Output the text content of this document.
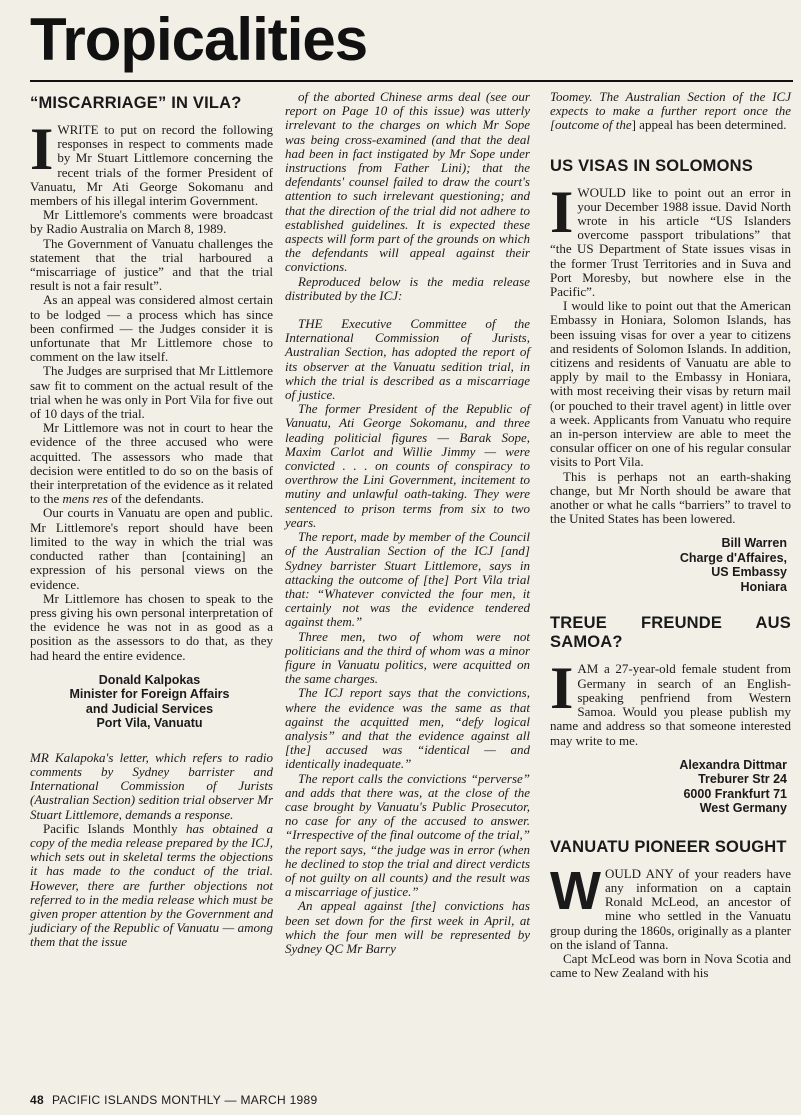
Tropicalities
“MISCARRIAGE” IN VILA?

IWRITE to put on record the following responses in respect to comments made by Mr Stuart Littlemore concerning the recent trials of the former President of Vanuatu, Mr Ati George Sokomanu and members of his illegal interim Government.

Mr Littlemore's comments were broadcast by Radio Australia on March 8, 1989.

The Government of Vanuatu challenges the statement that the trial harboured a “miscarriage of justice” and that the trial result is not a fair result”.

As an appeal was considered almost certain to be lodged — a process which has since been confirmed — the Judges consider it is unfortunate that Mr Littlemore chose to comment on the law itself.

The Judges are surprised that Mr Littlemore saw fit to comment on the actual result of the trial when he was only in Port Vila for five out of 10 days of the trial.

Mr Littlemore was not in court to hear the evidence of the three accused who were acquitted. The assessors who made that decision were entitled to do so on the basis of their interpretation of the evidence as it related to the mens res of the defendants.

Our courts in Vanuatu are open and public. Mr Littlemore's report should have been limited to the way in which the trial was conducted rather than [containing] an expression of his personal views on the evidence.

Mr Littlemore has chosen to speak to the press giving his own personal interpretation of the evidence he was not in as good as a position as the assessors to do that, as they had heard the entire evidence.

Donald Kalpokas
Minister for Foreign Affairs
and Judicial Services
Port Vila, Vanuatu

MR Kalapoka's letter, which refers to radio comments by Sydney barrister and International Commission of Jurists (Australian Section) sedition trial observer Mr Stuart Littlemore, demands a response.

Pacific Islands Monthly has obtained a copy of the media release prepared by the ICJ, which sets out in skeletal terms the objections it has made to the conduct of the trial. However, there are further objections not referred to in the media release which must be given proper attention by the Government and judiciary of the Republic of Vanuatu — among them that the issue

of the aborted Chinese arms deal (see our report on Page 10 of this issue) was utterly irrelevant to the charges on which Mr Sope was being cross-examined (and that the deal had been in fact instigated by Mr Sope under instructions from Father Lini); that the defendants' counsel failed to draw the court's attention to such irrelevant questioning; and that the direction of the trial did not adhere to established guidelines. It is expected these aspects will form part of the grounds on which the defendants will appeal against their convictions.

Reproduced below is the media release distributed by the ICJ:

THE Executive Committee of the International Commission of Jurists, Australian Section, has adopted the report of its observer at the Vanuatu sedition trial, in which the trial is described as a miscarriage of justice.

The former President of the Republic of Vanuatu, Ati George Sokomanu, and three leading politicial figures — Barak Sope, Maxim Carlot and Willie Jimmy — were convicted . . . on counts of conspiracy to overthrow the Lini Government, incitement to mutiny and unlawful oath-taking. They were sentenced to prison terms from six to two years.

The report, made by member of the Council of the Australian Section of the ICJ [and] Sydney barrister Stuart Littlemore, says in attacking the outcome of [the] Port Vila trial that: “Whatever convicted the four men, it certainly not was the evidence tendered against them.”

Three men, two of whom were not politicians and the third of whom was a minor figure in Vanuatu politics, were acquitted on the same charges.

The ICJ report says that the convictions, where the evidence was the same as that against the acquitted men, “defy logical analysis” and that the evidence against all [the] accused was “identical — and identically inadequate.”

The report calls the convictions “perverse” and adds that there was, at the close of the case brought by Vanuatu's Public Prosecutor, no case for any of the accused to answer. “Irrespective of the final outcome of the trial,” the report says, “the judge was in error (when he declined to stop the trial and direct verdicts of not guilty on all counts) and the result was a miscarriage of justice.”

An appeal against [the] convictions has been set down for the first week in April, at which the four men will be represented by Sydney QC Mr Barry

Toomey. The Australian Section of the ICJ expects to make a further report once the [outcome of the] appeal has been determined.

US VISAS IN SOLOMONS

IWOULD like to point out an error in your December 1988 issue. David North wrote in his article “US Islanders overcome passport tribulations” that “the US Department of State issues visas in the former Trust Territories and in Suva and Port Moresby, but nowhere else in the Pacific”.

I would like to point out that the American Embassy in Honiara, Solomon Islands, has been issuing visas for over a year to citizens and residents of Solomon Islands. In addition, citizens and residents of Vanuatu are able to apply by mail to the Embassy in Honiara, with most receiving their visas by return mail (or pouched to their travel agent) in little over a week. Applicants from Vanuatu who require an in-person interview are able to meet the consular officer on one of his regular consular visits to Port Vila.

This is perhaps not an earth-shaking change, but Mr North should be aware that another or what he calls “barriers” to travel to the United States has been lowered.

Bill Warren
Charge d'Affaires,
US Embassy
Honiara
TREUE FREUNDE AUS SAMOA?

IAM a 27-year-old female student from Germany in search of an English-speaking penfriend from Western Samoa. Would you please publish my name and address so that someone interested may write to me.

Alexandra Dittmar
Treburer Str 24
6000 Frankfurt 71
West Germany
VANUATU PIONEER SOUGHT

WOULD ANY of your readers have any information on a captain Ronald McLeod, an ancestor of mine who settled in the Vanuatu group during the 1860s, originally as a planter on the island of Tanna.

Capt McLeod was born in Nova Scotia and came to New Zealand with his

48 PACIFIC ISLANDS MONTHLY — MARCH 1989
